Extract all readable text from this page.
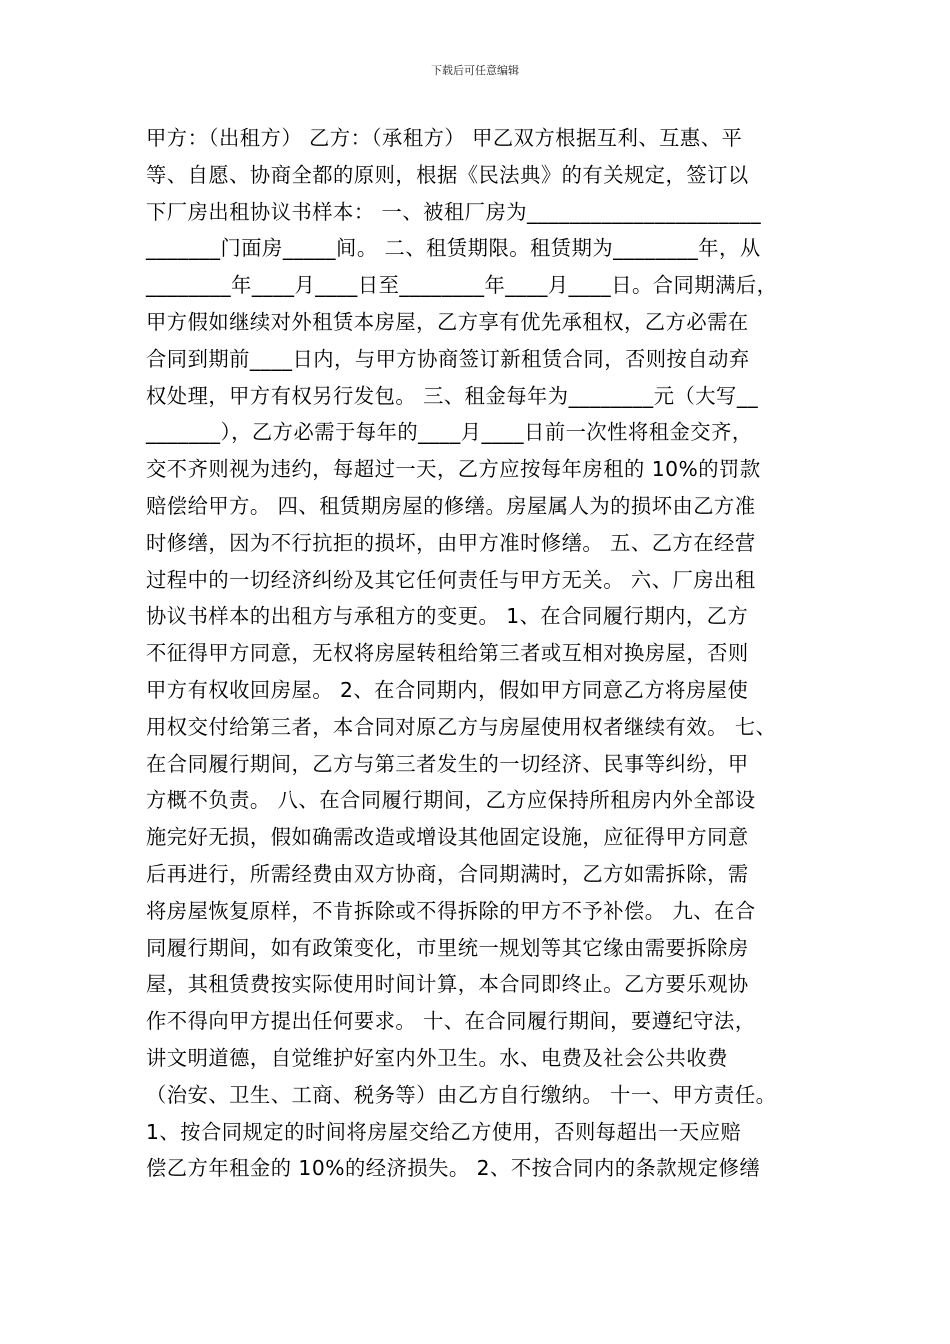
下载后可任意编辑
甲方：（出租方） 乙方：（承租方） 甲乙双方根据互利、互惠、平
等、自愿、协商全都的原则，根据《民法典》的有关规定，签订以
下厂房出租协议书样本： 一、被租厂房为______________________
_______门面房_____间。 二、租赁期限。租赁期为________年，从
________年____月____日至________年____月____日。合同期满后，
甲方假如继续对外租赁本房屋，乙方享有优先承租权，乙方必需在
合同到期前____日内，与甲方协商签订新租赁合同，否则按自动弃
权处理，甲方有权另行发包。 三、租金每年为________元（大写__
_______），乙方必需于每年的____月____日前一次性将租金交齐，
交不齐则视为违约，每超过一天，乙方应按每年房租的 10%的罚款
赔偿给甲方。 四、租赁期房屋的修缮。房屋属人为的损坏由乙方准
时修缮，因为不行抗拒的损坏，由甲方准时修缮。 五、乙方在经营
过程中的一切经济纠纷及其它任何责任与甲方无关。 六、厂房出租
协议书样本的出租方与承租方的变更。 1、在合同履行期内，乙方
不征得甲方同意，无权将房屋转租给第三者或互相对换房屋，否则
甲方有权收回房屋。 2、在合同期内，假如甲方同意乙方将房屋使
用权交付给第三者，本合同对原乙方与房屋使用权者继续有效。 七、
在合同履行期间，乙方与第三者发生的一切经济、民事等纠纷，甲
方概不负责。 八、在合同履行期间，乙方应保持所租房内外全部设
施完好无损，假如确需改造或增设其他固定设施，应征得甲方同意
后再进行，所需经费由双方协商，合同期满时，乙方如需拆除，需
将房屋恢复原样，不肯拆除或不得拆除的甲方不予补偿。 九、在合
同履行期间，如有政策变化，市里统一规划等其它缘由需要拆除房
屋，其租赁费按实际使用时间计算，本合同即终止。乙方要乐观协
作不得向甲方提出任何要求。 十、在合同履行期间，要遵纪守法，
讲文明道德，自觉维护好室内外卫生。水、电费及社会公共收费
（治安、卫生、工商、税务等）由乙方自行缴纳。 十一、甲方责任。
1、按合同规定的时间将房屋交给乙方使用，否则每超出一天应赔
偿乙方年租金的 10%的经济损失。 2、不按合同内的条款规定修缮
